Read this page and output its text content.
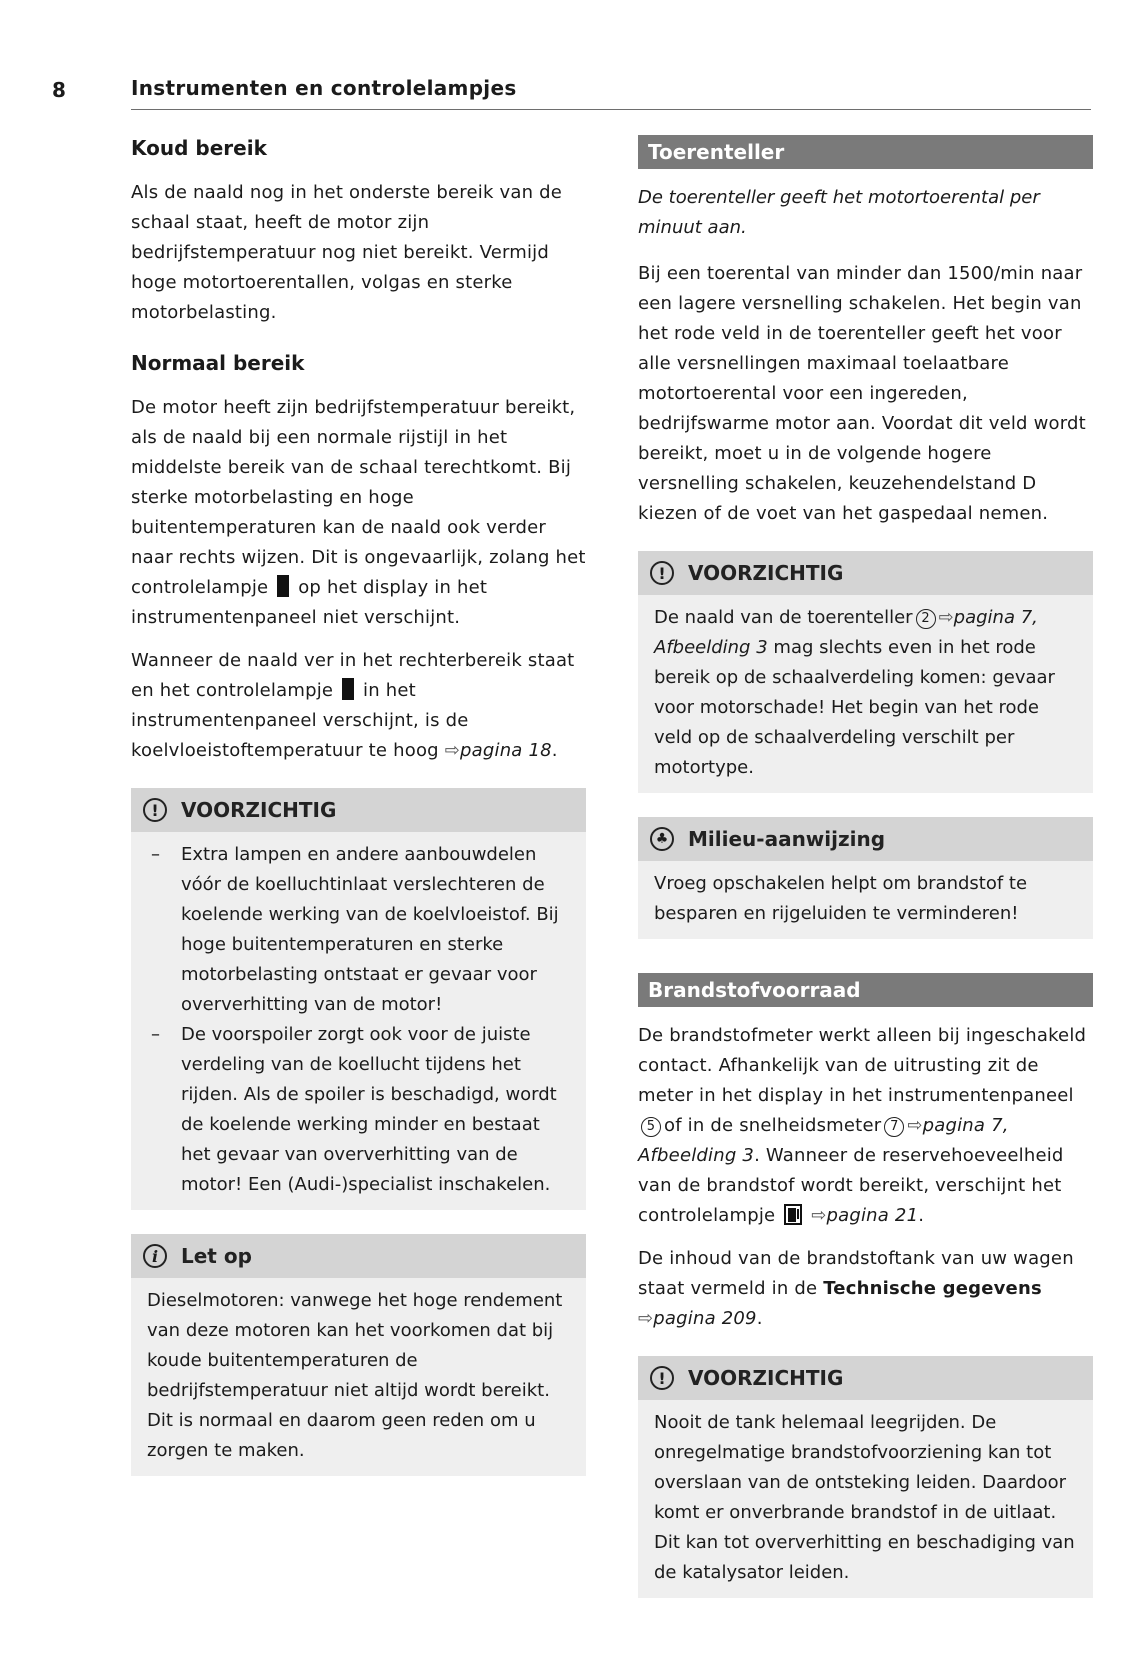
8	Instrumenten en controlelampjes
Koud bereik

Als de naald nog in het onderste bereik van de schaal staat, heeft de motor zijn bedrijfstemperatuur nog niet bereikt. Vermijd hoge motortoerentallen, volgas en sterke motorbelasting.

Normaal bereik

De motor heeft zijn bedrijfstemperatuur bereikt, als de naald bij een normale rijstijl in het middelste bereik van de schaal terechtkomt. Bij sterke motorbelasting en hoge buitentemperaturen kan de naald ook verder naar rechts wijzen. Dit is ongevaarlijk, zolang het controlelampje op het display in het instrumentenpaneel niet verschijnt.

Wanneer de naald ver in het rechterbereik staat en het controlelampje in het instrumentenpaneel verschijnt, is de koelvloeistoftemperatuur te hoog ⇨pagina 18.

!	VOORZICHTIG
– Extra lampen en andere aanbouwdelen vóór de koelluchtinlaat verslechteren de koelende werking van de koelvloeistof. Bij hoge buitentemperaturen en sterke motorbelasting ontstaat er gevaar voor oververhitting van de motor!
– De voorspoiler zorgt ook voor de juiste verdeling van de koellucht tijdens het rijden. Als de spoiler is beschadigd, wordt de koelende werking minder en bestaat het gevaar van oververhitting van de motor! Een (Audi-)specialist inschakelen.
i	Let op
Dieselmotoren: vanwege het hoge rendement van deze motoren kan het voorkomen dat bij koude buitentemperaturen de bedrijfstemperatuur niet altijd wordt bereikt. Dit is normaal en daarom geen reden om u zorgen te maken.
Toerenteller

De toerenteller geeft het motortoerental per minuut aan.

Bij een toerental van minder dan 1500/min naar een lagere versnelling schakelen. Het begin van het rode veld in de toerenteller geeft het voor alle versnellingen maximaal toelaatbare motortoerental voor een ingereden, bedrijfswarme motor aan. Voordat dit veld wordt bereikt, moet u in de volgende hogere versnelling schakelen, keuzehendelstand D kiezen of de voet van het gaspedaal nemen.

!	VOORZICHTIG
De naald van de toerenteller 2 ⇨pagina 7, Afbeelding 3 mag slechts even in het rode bereik op de schaalverdeling komen: gevaar voor motorschade! Het begin van het rode veld op de schaalverdeling verschilt per motortype.
♣ Milieu-aanwijzing
Vroeg opschakelen helpt om brandstof te besparen en rijgeluiden te verminderen!
Brandstofvoorraad

De brandstofmeter werkt alleen bij ingeschakeld contact. Afhankelijk van de uitrusting zit de meter in het display in het instrumentenpaneel5 of in de snelheidsmeter 7 ⇨pagina 7, Afbeelding 3. Wanneer de reservehoeveelheid van de brandstof wordt bereikt, verschijnt het controlelampje ⇨pagina 21.

De inhoud van de brandstoftank van uw wagen staat vermeld in de Technische gegevens ⇨pagina 209.

!	VOORZICHTIG
Nooit de tank helemaal leegrijden. De onregelmatige brandstofvoorziening kan tot overslaan van de ontsteking leiden. Daardoor komt er onverbrande brandstof in de uitlaat. Dit kan tot oververhitting en beschadiging van de katalysator leiden.
